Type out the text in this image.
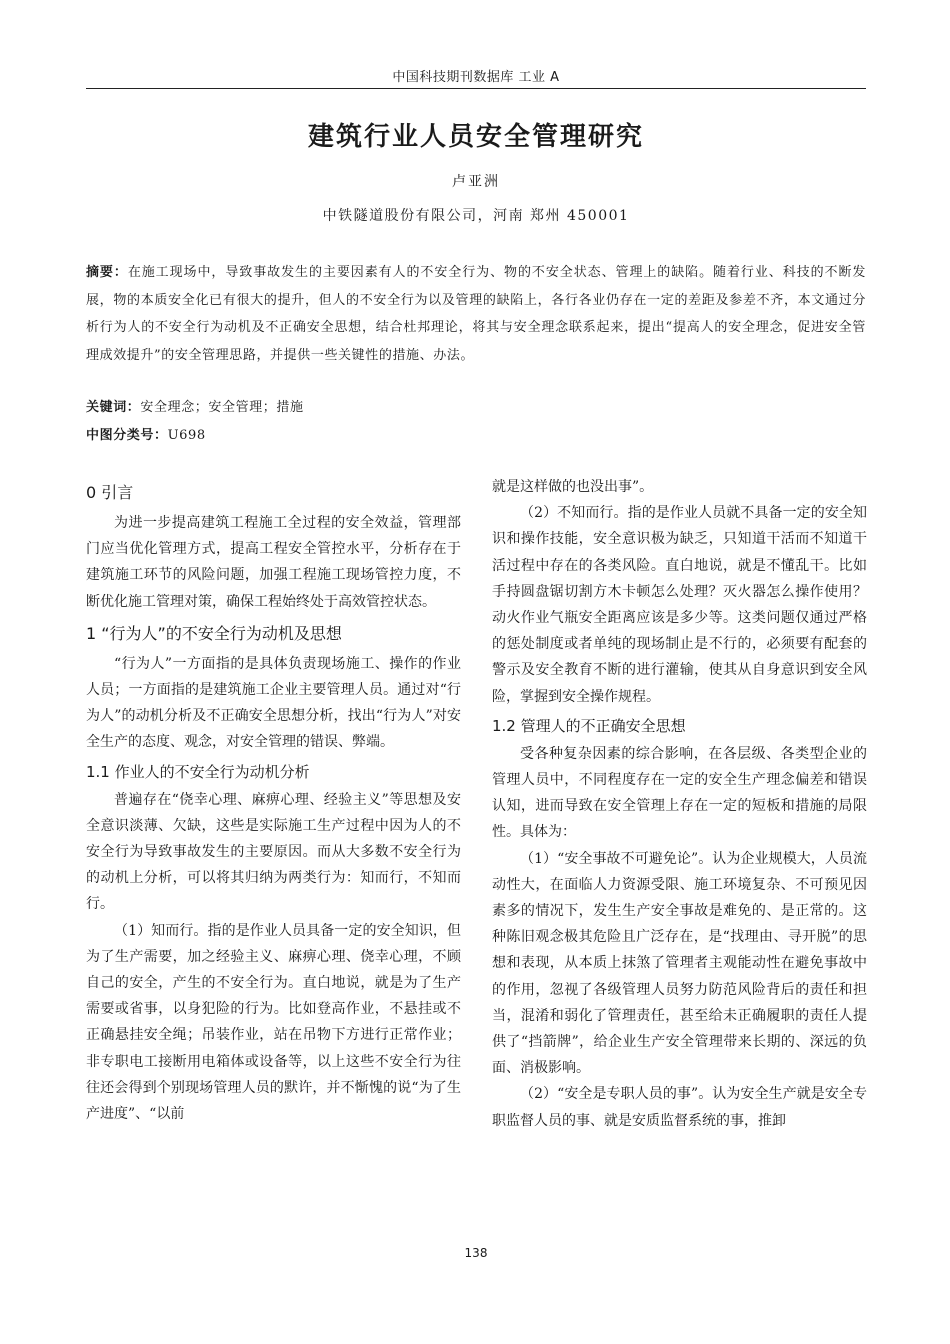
中国科技期刊数据库 工业 A
建筑行业人员安全管理研究
卢亚洲
中铁隧道股份有限公司，河南 郑州 450001
摘要：在施工现场中，导致事故发生的主要因素有人的不安全行为、物的不安全状态、管理上的缺陷。随着行业、科技的不断发展，物的本质安全化已有很大的提升，但人的不安全行为以及管理的缺陷上，各行各业仍存在一定的差距及参差不齐，本文通过分析行为人的不安全行为动机及不正确安全思想，结合杜邦理论，将其与安全理念联系起来，提出“提高人的安全理念，促进安全管理成效提升”的安全管理思路，并提供一些关键性的措施、办法。
关键词：安全理念；安全管理；措施
中图分类号：U698
0 引言

为进一步提高建筑工程施工全过程的安全效益，管理部门应当优化管理方式，提高工程安全管控水平，分析存在于建筑施工环节的风险问题，加强工程施工现场管控力度，不断优化施工管理对策，确保工程始终处于高效管控状态。

1 “行为人”的不安全行为动机及思想

“行为人”一方面指的是具体负责现场施工、操作的作业人员；一方面指的是建筑施工企业主要管理人员。通过对“行为人”的动机分析及不正确安全思想分析，找出“行为人”对安全生产的态度、观念，对安全管理的错误、弊端。

1.1 作业人的不安全行为动机分析

普遍存在“侥幸心理、麻痹心理、经验主义”等思想及安全意识淡薄、欠缺，这些是实际施工生产过程中因为人的不安全行为导致事故发生的主要原因。而从大多数不安全行为的动机上分析，可以将其归纳为两类行为：知而行，不知而行。

（1）知而行。指的是作业人员具备一定的安全知识，但为了生产需要，加之经验主义、麻痹心理、侥幸心理，不顾自己的安全，产生的不安全行为。直白地说，就是为了生产需要或省事，以身犯险的行为。比如登高作业，不悬挂或不正确悬挂安全绳；吊装作业，站在吊物下方进行正常作业；非专职电工接断用电箱体或设备等，以上这些不安全行为往往还会得到个别现场管理人员的默许，并不惭愧的说“为了生产进度”、“以前

就是这样做的也没出事”。

（2）不知而行。指的是作业人员就不具备一定的安全知识和操作技能，安全意识极为缺乏，只知道干活而不知道干活过程中存在的各类风险。直白地说，就是不懂乱干。比如手持圆盘锯切割方木卡顿怎么处理？灭火器怎么操作使用？动火作业气瓶安全距离应该是多少等。这类问题仅通过严格的惩处制度或者单纯的现场制止是不行的，必须要有配套的警示及安全教育不断的进行灌输，使其从自身意识到安全风险，掌握到安全操作规程。

1.2 管理人的不正确安全思想

受各种复杂因素的综合影响，在各层级、各类型企业的管理人员中，不同程度存在一定的安全生产理念偏差和错误认知，进而导致在安全管理上存在一定的短板和措施的局限性。具体为：

（1）“安全事故不可避免论”。认为企业规模大，人员流动性大，在面临人力资源受限、施工环境复杂、不可预见因素多的情况下，发生生产安全事故是难免的、是正常的。这种陈旧观念极其危险且广泛存在，是“找理由、寻开脱”的思想和表现，从本质上抹煞了管理者主观能动性在避免事故中的作用，忽视了各级管理人员努力防范风险背后的责任和担当，混淆和弱化了管理责任，甚至给未正确履职的责任人提供了“挡箭牌”，给企业生产安全管理带来长期的、深远的负面、消极影响。

（2）“安全是专职人员的事”。认为安全生产就是安全专职监督人员的事、就是安质监督系统的事，推卸

138
